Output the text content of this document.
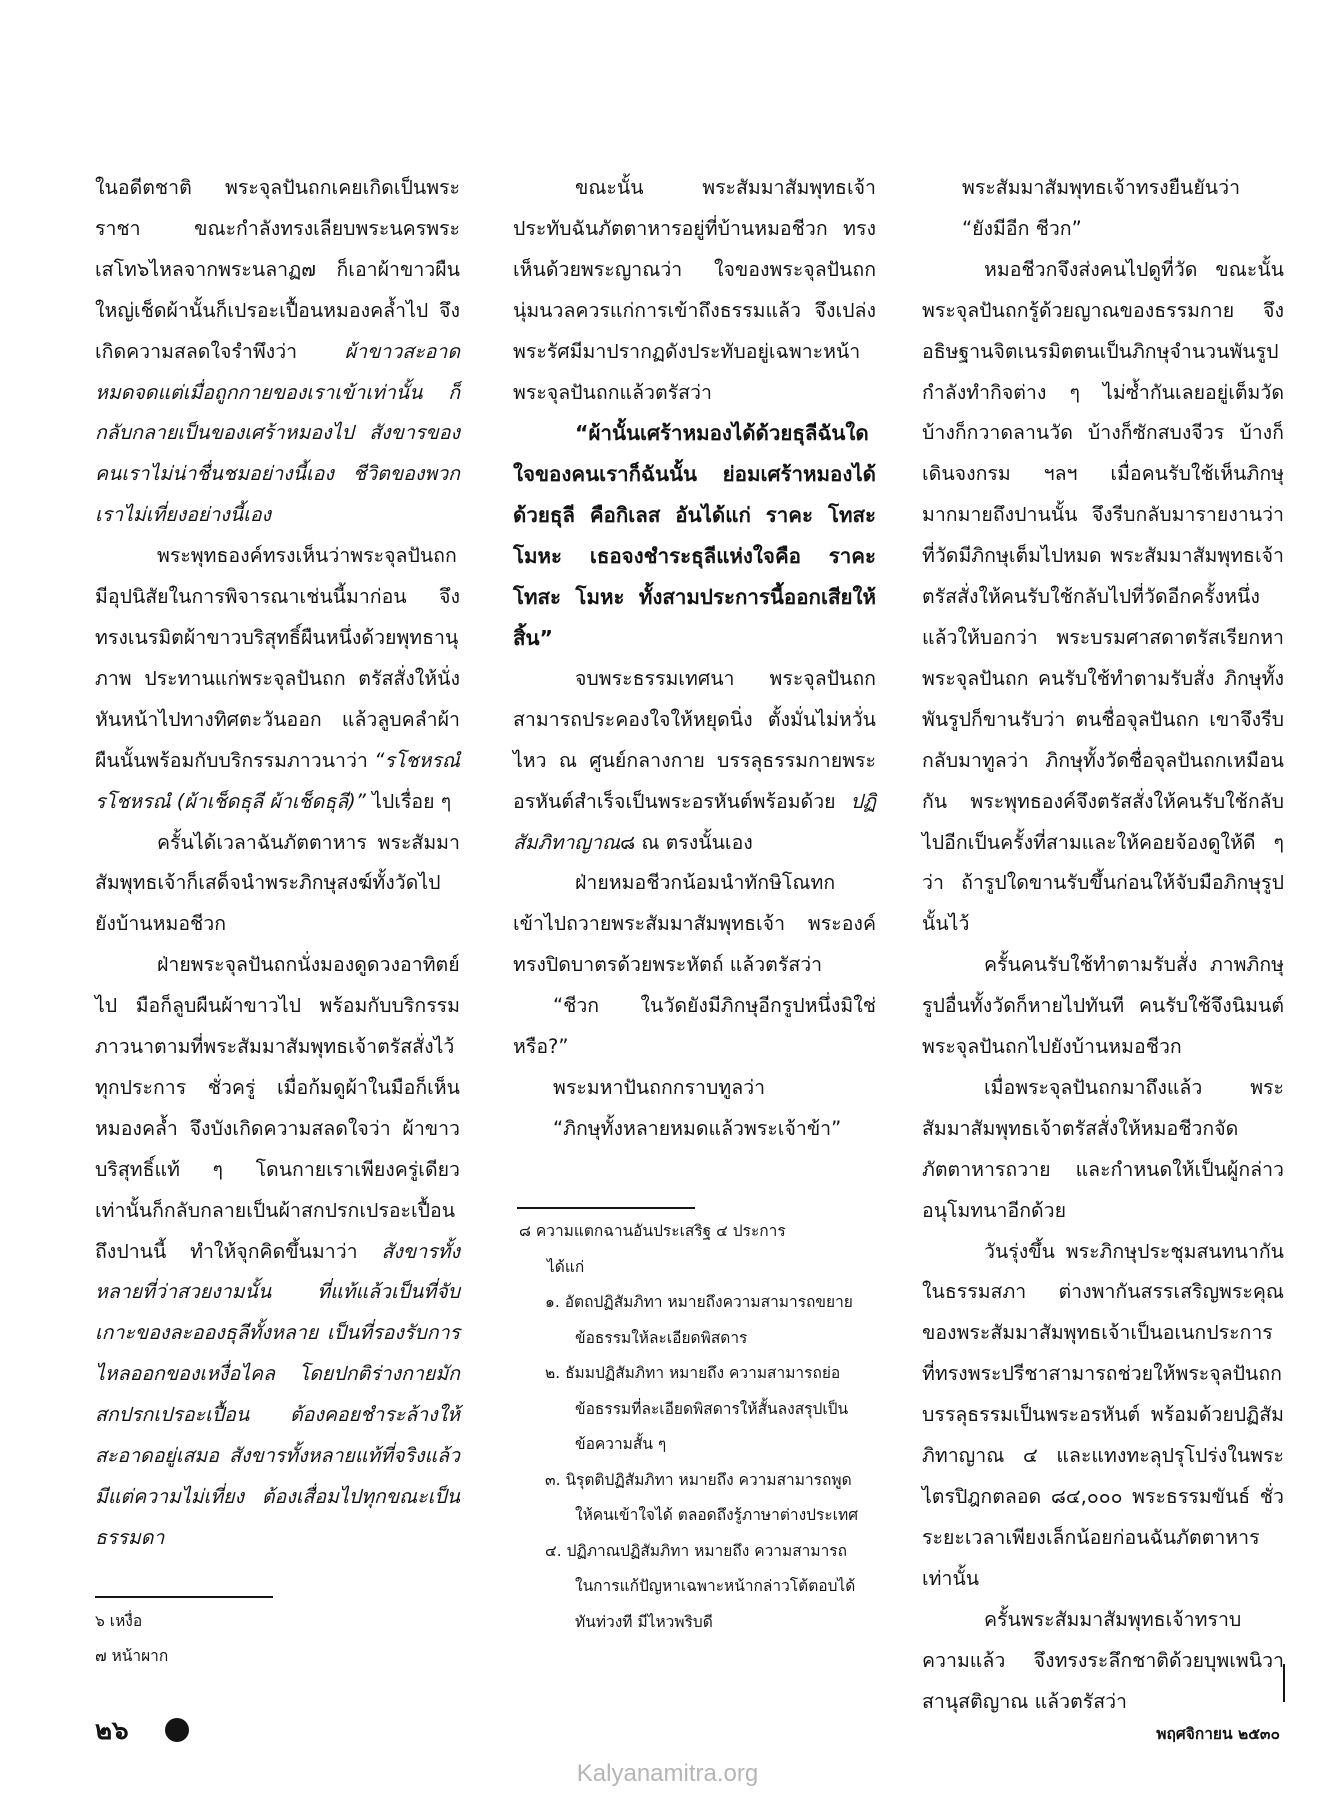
ในอดีตชาติ พระจุลปันถกเคยเกิดเป็นพระราชา ขณะกำลังทรงเลียบพระนครพระเสโท๖ไหลจากพระนลาฏ๗ ก็เอาผ้าขาวผืนใหญ่เช็ดผ้านั้นก็เปรอะเปื้อนหมองคล้ำไป จึงเกิดความสลดใจรำพึงว่า ผ้าขาวสะอาดหมดจดแต่เมื่อถูกกายของเราเข้าเท่านั้น ก็กลับกลายเป็นของเศร้าหมองไป สังขารของคนเราไม่น่าชื่นชมอย่างนี้เอง ชีวิตของพวกเราไม่เที่ยงอย่างนี้เอง

พระพุทธองค์ทรงเห็นว่าพระจุลปันถกมีอุปนิสัยในการพิจารณาเช่นนี้มาก่อน จึงทรงเนรมิตผ้าขาวบริสุทธิ์ผืนหนึ่งด้วยพุทธานุภาพ ประทานแก่พระจุลปันถก ตรัสสั่งให้นั่งหันหน้าไปทางทิศตะวันออก แล้วลูบคลำผ้าผืนนั้นพร้อมกับบริกรรมภาวนาว่า “รโชหรณํ รโชหรณํ (ผ้าเช็ดธุลี ผ้าเช็ดธุลี)” ไปเรื่อย ๆ

ครั้นได้เวลาฉันภัตตาหาร พระสัมมาสัมพุทธเจ้าก็เสด็จนำพระภิกษุสงฆ์ทั้งวัดไปยังบ้านหมอชีวก

ฝ่ายพระจุลปันถกนั่งมองดูดวงอาทิตย์ไป มือก็ลูบผืนผ้าขาวไป พร้อมกับบริกรรมภาวนาตามที่พระสัมมาสัมพุทธเจ้าตรัสสั่งไว้ทุกประการ ชั่วครู่ เมื่อก้มดูผ้าในมือก็เห็นหมองคล้ำ จึงบังเกิดความสลดใจว่า ผ้าขาวบริสุทธิ์แท้ ๆ โดนกายเราเพียงครู่เดียวเท่านั้นก็กลับกลายเป็นผ้าสกปรกเปรอะเปื้อนถึงปานนี้ ทำให้จุกคิดขึ้นมาว่า สังขารทั้งหลายที่ว่าสวยงามนั้น ที่แท้แล้วเป็นที่จับเกาะของละอองธุลีทั้งหลาย เป็นที่รองรับการไหลออกของเหงื่อไคล โดยปกติร่างกายมักสกปรกเปรอะเปื้อน ต้องคอยชำระล้างให้สะอาดอยู่เสมอ สังขารทั้งหลายแท้ที่จริงแล้ว มีแต่ความไม่เที่ยง ต้องเสื่อมไปทุกขณะเป็นธรรมดา

๖ เหงื่อ

๗ หน้าผาก

ขณะนั้น พระสัมมาสัมพุทธเจ้าประทับฉันภัตตาหารอยู่ที่บ้านหมอชีวก ทรงเห็นด้วยพระญาณว่า ใจของพระจุลปันถกนุ่มนวลควรแก่การเข้าถึงธรรมแล้ว จึงเปล่งพระรัศมีมาปรากฏดังประทับอยู่เฉพาะหน้าพระจุลปันถกแล้วตรัสว่า

“ผ้านั้นเศร้าหมองได้ด้วยธุลีฉันใด ใจของคนเราก็ฉันนั้น ย่อมเศร้าหมองได้ด้วยธุลี คือกิเลส อันได้แก่ ราคะ โทสะ โมหะ เธอจงชำระธุลีแห่งใจคือ ราคะ โทสะ โมหะ ทั้งสามประการนี้ออกเสียให้สิ้น”

จบพระธรรมเทศนา พระจุลปันถกสามารถประคองใจให้หยุดนิ่ง ตั้งมั่นไม่หวั่นไหว ณ ศูนย์กลางกาย บรรลุธรรมกายพระอรหันต์สำเร็จเป็นพระอรหันต์พร้อมด้วย ปฏิสัมภิทาญาณ๘ ณ ตรงนั้นเอง

ฝ่ายหมอชีวกน้อมนำทักษิโณทกเข้าไปถวายพระสัมมาสัมพุทธเจ้า พระองค์ทรงปิดบาตรด้วยพระหัตถ์ แล้วตรัสว่า

“ชีวก ในวัดยังมีภิกษุอีกรูปหนึ่งมิใช่หรือ?”

พระมหาปันถกกราบทูลว่า

“ภิกษุทั้งหลายหมดแล้วพระเจ้าข้า”

๘ ความแตกฉานอันประเสริฐ ๔ ประการ

ได้แก่

๑. อัตถปฏิสัมภิทา หมายถึงความสามารถขยายข้อธรรมให้ละเอียดพิสดาร

๒. ธัมมปฏิสัมภิทา หมายถึง ความสามารถย่อข้อธรรมที่ละเอียดพิสดารให้สั้นลงสรุปเป็นข้อความสั้น ๆ

๓. นิรุตติปฏิสัมภิทา หมายถึง ความสามารถพูดให้คนเข้าใจได้ ตลอดถึงรู้ภาษาต่างประเทศ

๔. ปฏิภาณปฏิสัมภิทา หมายถึง ความสามารถในการแก้ปัญหาเฉพาะหน้ากล่าวโต้ตอบได้ทันท่วงที มีไหวพริบดี

พระสัมมาสัมพุทธเจ้าทรงยืนยันว่า

“ยังมีอีก ชีวก”

หมอชีวกจึงส่งคนไปดูที่วัด ขณะนั้นพระจุลปันถกรู้ด้วยญาณของธรรมกาย จึงอธิษฐานจิตเนรมิตตนเป็นภิกษุจำนวนพันรูปกำลังทำกิจต่าง ๆ ไม่ซ้ำกันเลยอยู่เต็มวัด บ้างก็กวาดลานวัด บ้างก็ซักสบงจีวร บ้างก็เดินจงกรม ฯลฯ เมื่อคนรับใช้เห็นภิกษุมากมายถึงปานนั้น จึงรีบกลับมารายงานว่า ที่วัดมีภิกษุเต็มไปหมด พระสัมมาสัมพุทธเจ้าตรัสสั่งให้คนรับใช้กลับไปที่วัดอีกครั้งหนึ่งแล้วให้บอกว่า พระบรมศาสดาตรัสเรียกหาพระจุลปันถก คนรับใช้ทำตามรับสั่ง ภิกษุทั้งพันรูปก็ขานรับว่า ตนชื่อจุลปันถก เขาจึงรีบกลับมาทูลว่า ภิกษุทั้งวัดชื่อจุลปันถกเหมือนกัน พระพุทธองค์จึงตรัสสั่งให้คนรับใช้กลับไปอีกเป็นครั้งที่สามและให้คอยจ้องดูให้ดี ๆ ว่า ถ้ารูปใดขานรับขึ้นก่อนให้จับมือภิกษุรูปนั้นไว้

ครั้นคนรับใช้ทำตามรับสั่ง ภาพภิกษุรูปอื่นทั้งวัดก็หายไปทันที คนรับใช้จึงนิมนต์พระจุลปันถกไปยังบ้านหมอชีวก

เมื่อพระจุลปันถกมาถึงแล้ว พระสัมมาสัมพุทธเจ้าตรัสสั่งให้หมอชีวกจัดภัตตาหารถวาย และกำหนดให้เป็นผู้กล่าวอนุโมทนาอีกด้วย

วันรุ่งขึ้น พระภิกษุประชุมสนทนากันในธรรมสภา ต่างพากันสรรเสริญพระคุณของพระสัมมาสัมพุทธเจ้าเป็นอเนกประการ ที่ทรงพระปรีชาสามารถช่วยให้พระจุลปันถกบรรลุธรรมเป็นพระอรหันต์ พร้อมด้วยปฏิสัมภิทาญาณ ๔ และแทงทะลุปรุโปร่งในพระไตรปิฎกตลอด ๘๔,๐๐๐ พระธรรมขันธ์ ชั่วระยะเวลาเพียงเล็กน้อยก่อนฉันภัตตาหารเท่านั้น

ครั้นพระสัมมาสัมพุทธเจ้าทราบความแล้ว จึงทรงระลึกชาติด้วยบุพเพนิวาสานุสติญาณ แล้วตรัสว่า

๒๖	พฤศจิกายน ๒๕๓๐
Kalyanamitra.org
